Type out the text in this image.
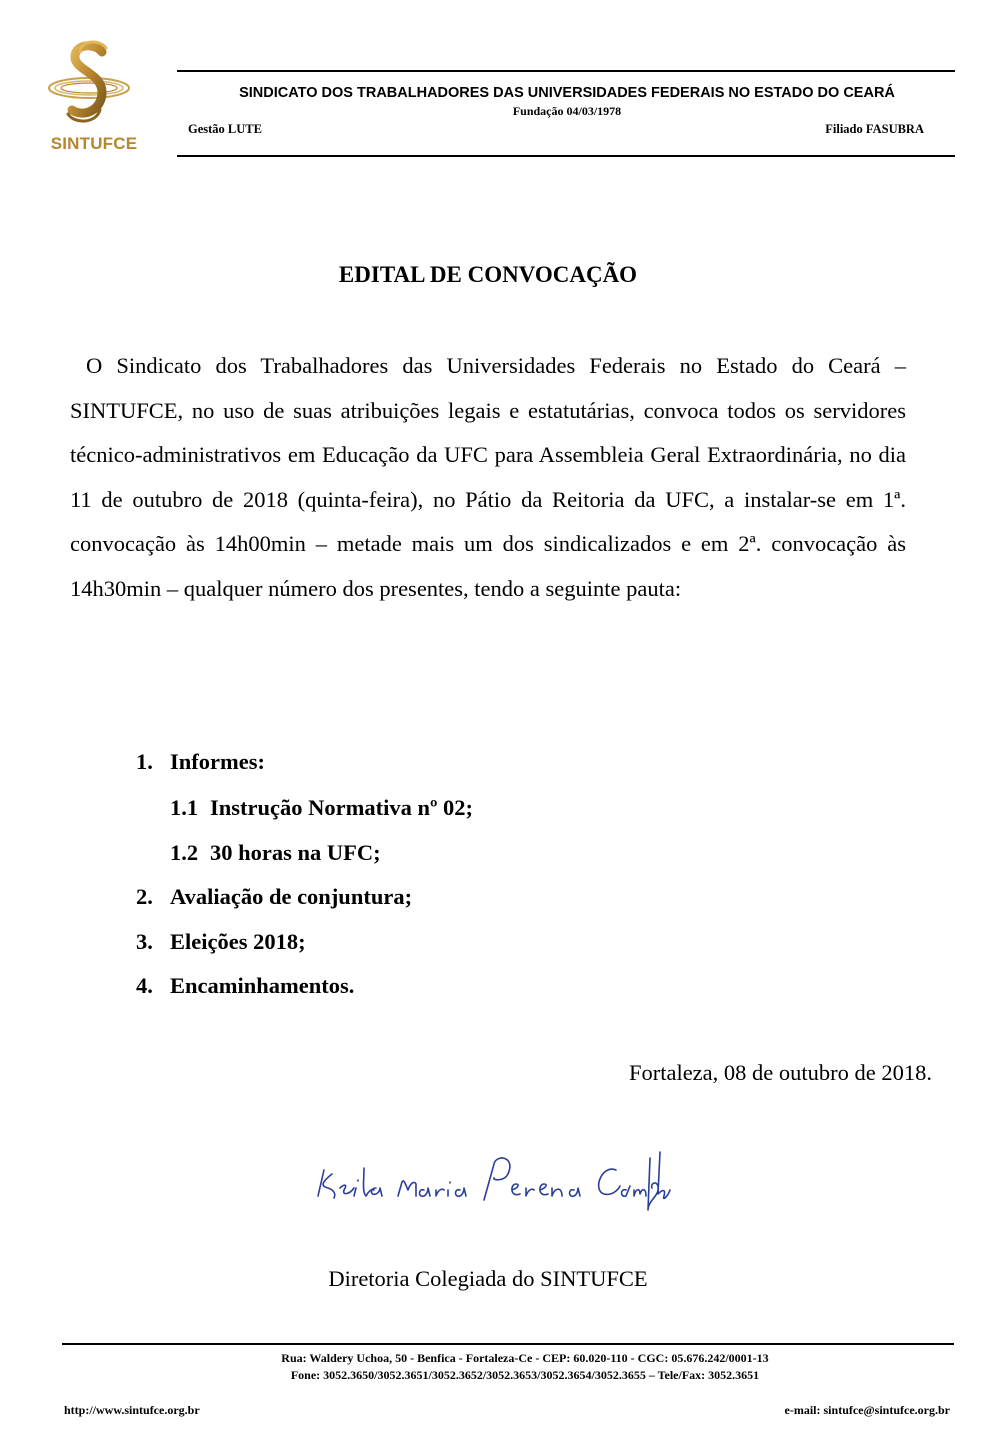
SINTUFCE
SINDICATO DOS TRABALHADORES DAS UNIVERSIDADES FEDERAIS NO ESTADO DO CEARÁ
Fundação 04/03/1978
Gestão LUTE	Filiado FASUBRA
EDITAL DE CONVOCAÇÃO
O Sindicato dos Trabalhadores das Universidades Federais no Estado do Ceará – SINTUFCE, no uso de suas atribuições legais e estatutárias, convoca todos os servidores técnico-administrativos em Educação da UFC para Assembleia Geral Extraordinária, no dia 11 de outubro de 2018 (quinta-feira), no Pátio da Reitoria da UFC, a instalar-se em 1ª. convocação às 14h00min – metade mais um dos sindicalizados e em 2ª. convocação às 14h30min – qualquer número dos presentes, tendo a seguinte pauta:
1. Informes:
1.1 Instrução Normativa nº 02;
1.2 30 horas na UFC;
2. Avaliação de conjuntura;
3. Eleições 2018;
4. Encaminhamentos.
Fortaleza, 08 de outubro de 2018.
Diretoria Colegiada do SINTUFCE
Rua: Waldery Uchoa, 50 - Benfica - Fortaleza-Ce - CEP: 60.020-110 - CGC: 05.676.242/0001-13
Fone: 3052.3650/3052.3651/3052.3652/3052.3653/3052.3654/3052.3655 – Tele/Fax: 3052.3651
http://www.sintufce.org.br	e-mail: sintufce@sintufce.org.br
